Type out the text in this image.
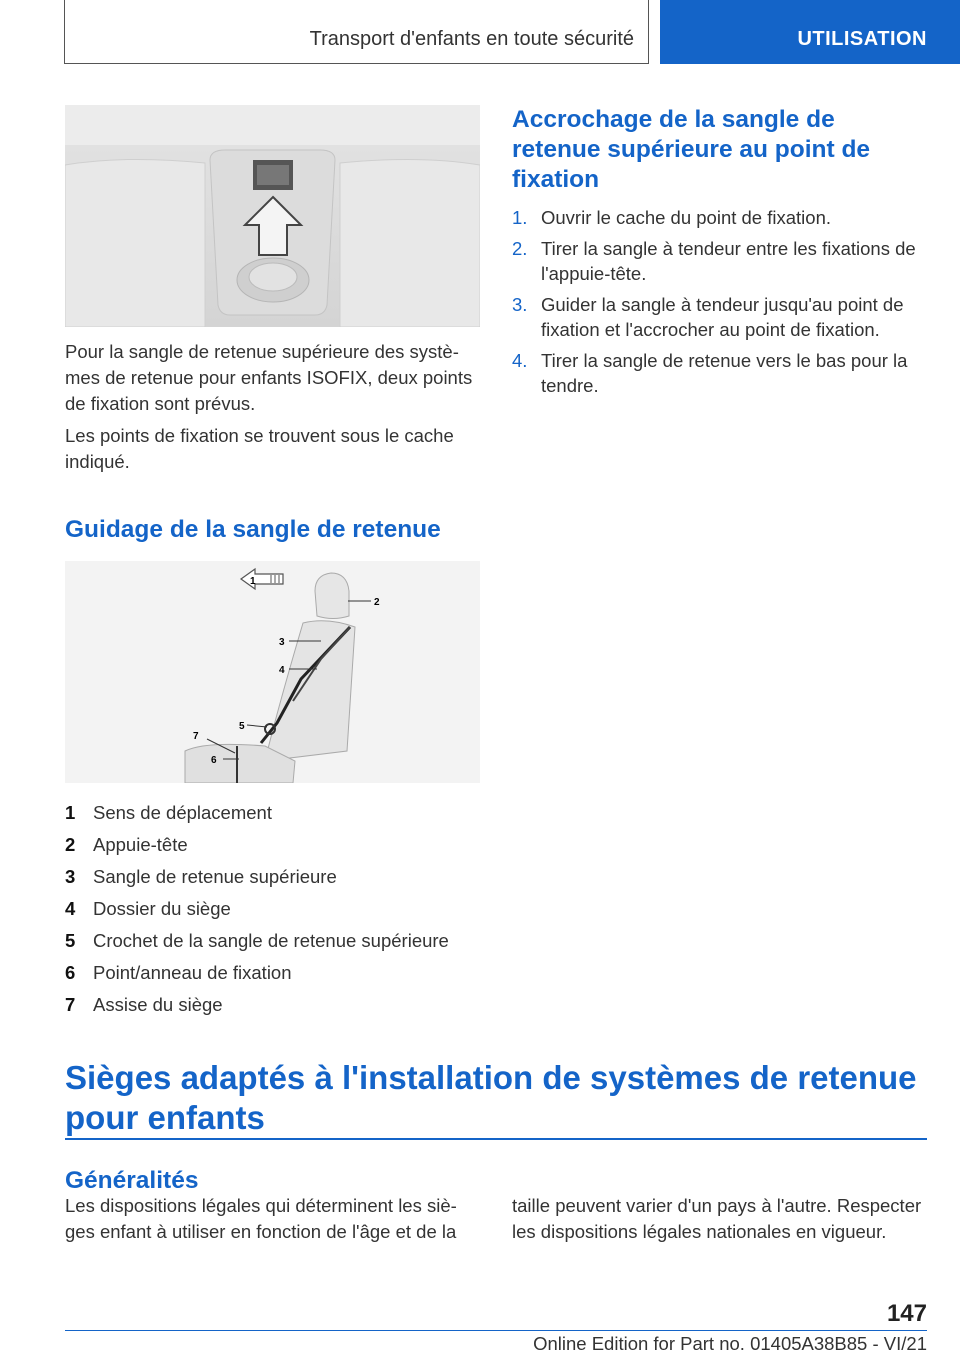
Transport d'enfants en toute sécurité	UTILISATION

Pour la sangle de retenue supérieure des systèmes de retenue pour enfants ISOFIX, deux points de fixation sont prévus.

Les points de fixation se trouvent sous le cache indiqué.

Guidage de la sangle de retenue
1
2
3
4
5
6
7
1 Sens de déplacement
2 Appuie-tête
3 Sangle de retenue supérieure
4 Dossier du siège
5 Crochet de la sangle de retenue supérieure
6 Point/anneau de fixation
7 Assise du siège
Accrochage de la sangle de retenue supérieure au point de fixation
1. Ouvrir le cache du point de fixation.
2. Tirer la sangle à tendeur entre les fixations de l'appuie-tête.
3. Guider la sangle à tendeur jusqu'au point de fixation et l'accrocher au point de fixation.
4. Tirer la sangle de retenue vers le bas pour la tendre.
Sièges adaptés à l'installation de systèmes de retenue pour enfants
Généralités

Les dispositions légales qui déterminent les sièges enfant à utiliser en fonction de l'âge et de la

taille peuvent varier d'un pays à l'autre. Respecter les dispositions légales nationales en vigueur.

147
Online Edition for Part no. 01405A38B85 - VI/21
